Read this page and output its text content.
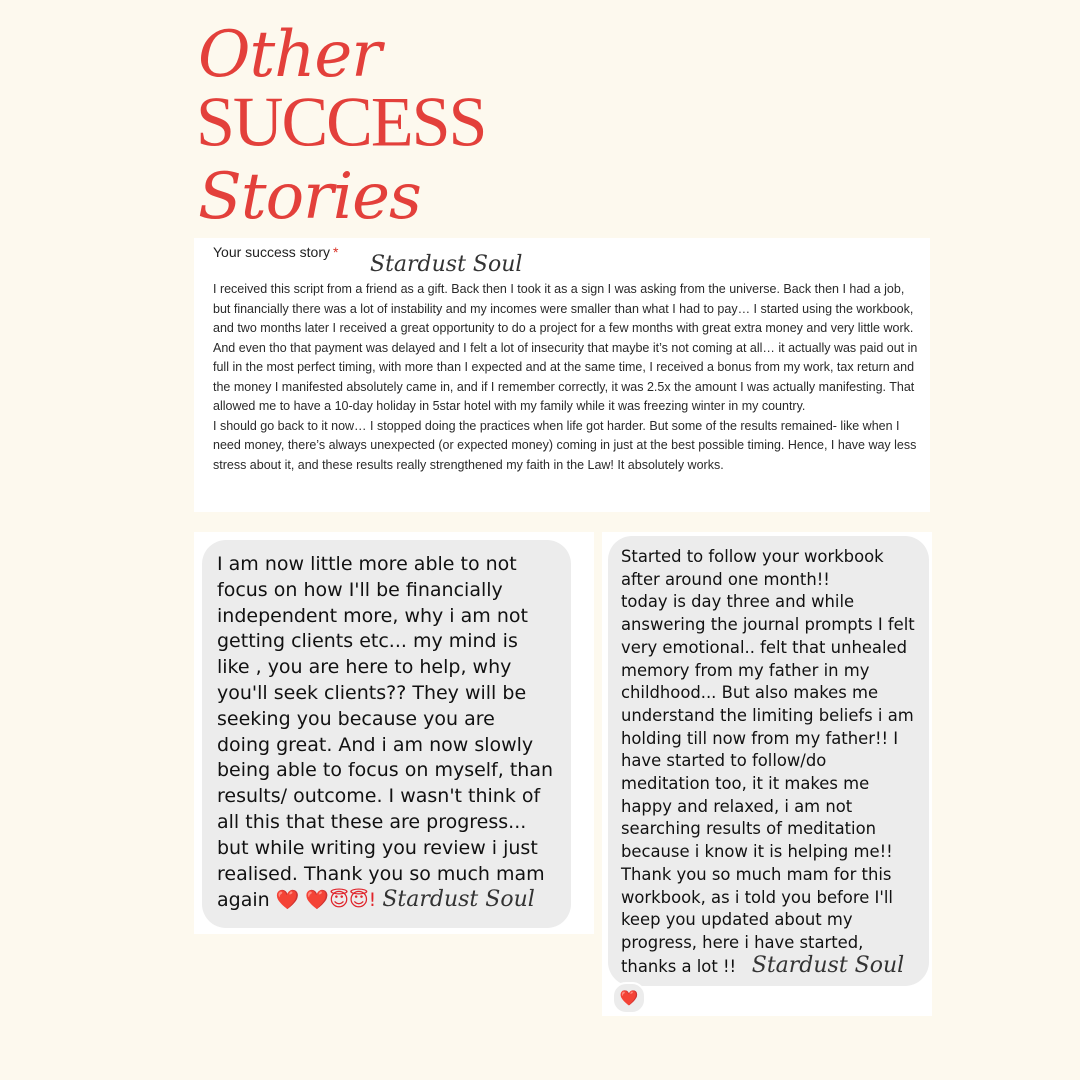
Other
SUCCESS
Stories
Your success story * Stardust Soul

I received this script from a friend as a gift. Back then I took it as a sign I was asking from the universe. Back then I had a job, but financially there was a lot of instability and my incomes were smaller than what I had to pay… I started using the workbook, and two months later I received a great opportunity to do a project for a few months with great extra money and very little work. And even tho that payment was delayed and I felt a lot of insecurity that maybe it’s not coming at all… it actually was paid out in full in the most perfect timing, with more than I expected and at the same time, I received a bonus from my work, tax return and the money I manifested absolutely came in, and if I remember correctly, it was 2.5x the amount I was actually manifesting. That allowed me to have a 10-day holiday in 5star hotel with my family while it was freezing winter in my country.

I should go back to it now… I stopped doing the practices when life got harder. But some of the results remained- like when I need money, there’s always unexpected (or expected money) coming in just at the best possible timing. Hence, I have way less stress about it, and these results really strengthened my faith in the Law! It absolutely works.

I am now little more able to not focus on how I'll be financially independent more, why i am not getting clients etc... my mind is like , you are here to help, why you'll seek clients?? They will be seeking you because you are doing great. And i am now slowly being able to focus on myself, than results/ outcome. I wasn't think of all this that these are progress... but while writing you review i just realised. Thank you so much mam again ❤️ ❤️😇😇! Stardust Soul

Started to follow your workbook after around one month!!

today is day three and while answering the journal prompts I felt very emotional.. felt that unhealed memory from my father in my childhood... But also makes me understand the limiting beliefs i am holding till now from my father!! I have started to follow/do meditation too, it it makes me happy and relaxed, i am not searching results of meditation because i know it is helping me!! Thank you so much mam for this workbook, as i told you before I'll keep you updated about my progress, here i have started, thanks a lot !! Stardust Soul

❤️
